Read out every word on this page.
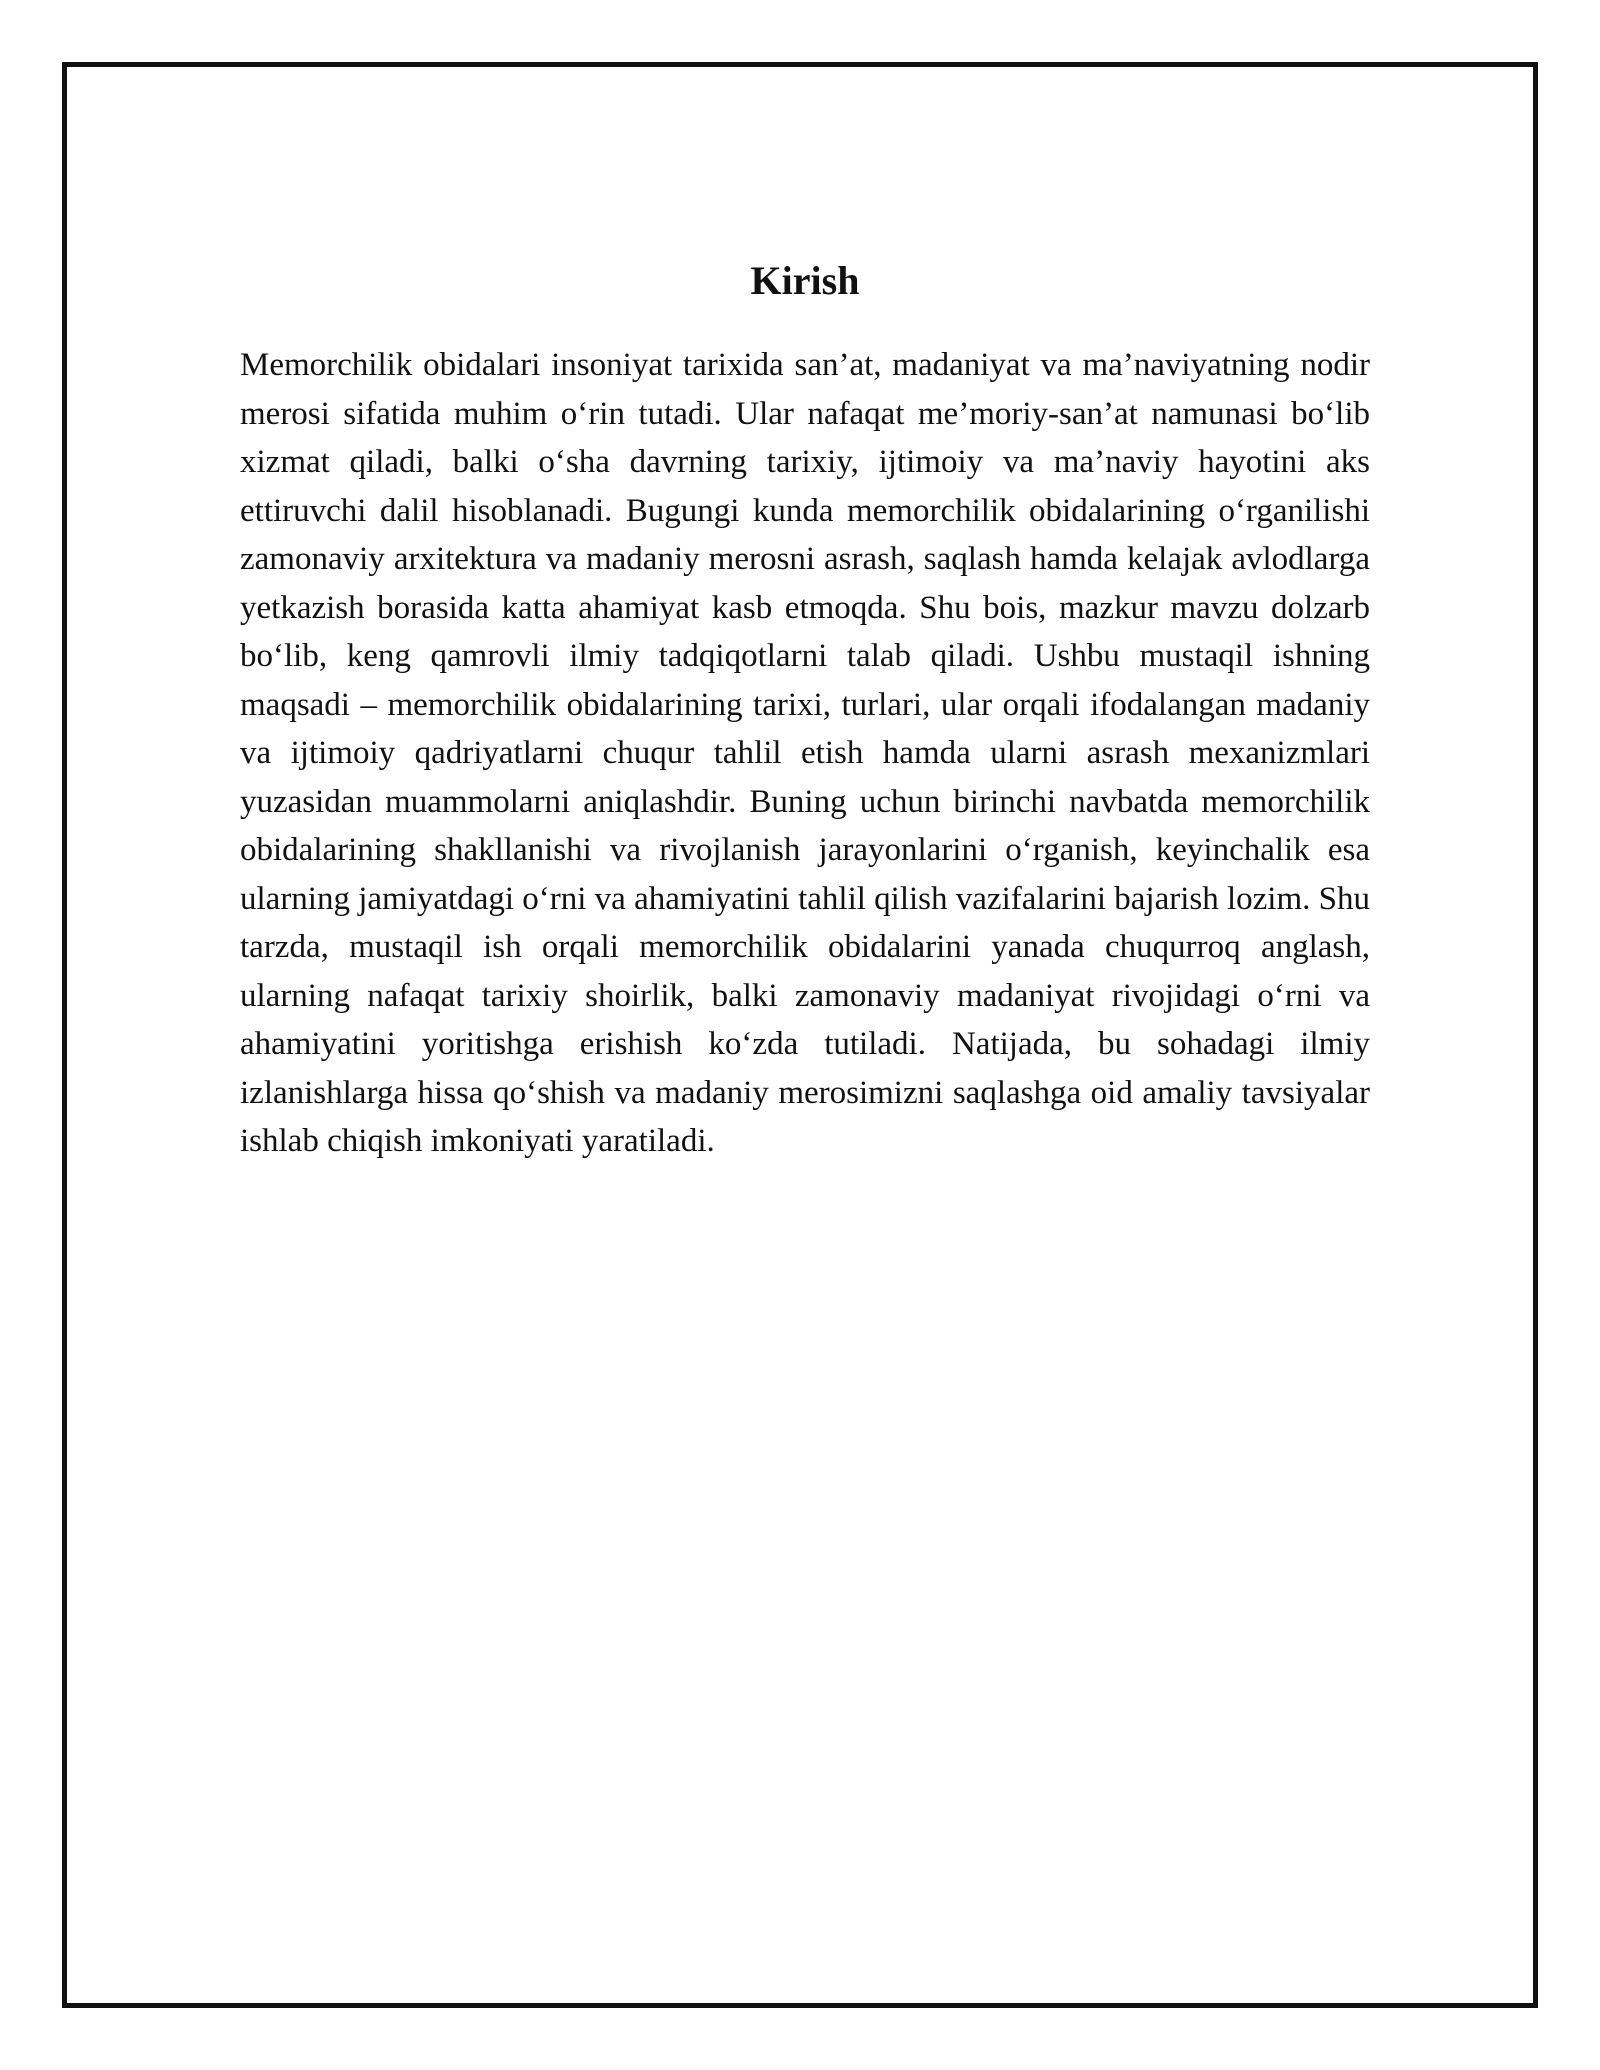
Kirish

Memorchilik obidalari insoniyat tarixida san’at, madaniyat va ma’naviyatning nodir merosi sifatida muhim o‘rin tutadi. Ular nafaqat me’moriy-san’at namunasi bo‘lib xizmat qiladi, balki o‘sha davrning tarixiy, ijtimoiy va ma’naviy hayotini aks ettiruvchi dalil hisoblanadi. Bugungi kunda memorchilik obidalarining o‘rganilishi zamonaviy arxitektura va madaniy merosni asrash, saqlash hamda kelajak avlodlarga yetkazish borasida katta ahamiyat kasb etmoqda. Shu bois, mazkur mavzu dolzarb bo‘lib, keng qamrovli ilmiy tadqiqotlarni talab qiladi. Ushbu mustaqil ishning maqsadi – memorchilik obidalarining tarixi, turlari, ular orqali ifodalangan madaniy va ijtimoiy qadriyatlarni chuqur tahlil etish hamda ularni asrash mexanizmlari yuzasidan muammolarni aniqlashdir. Buning uchun birinchi navbatda memorchilik obidalarining shakllanishi va rivojlanish jarayonlarini o‘rganish, keyinchalik esa ularning jamiyatdagi o‘rni va ahamiyatini tahlil qilish vazifalarini bajarish lozim. Shu tarzda, mustaqil ish orqali memorchilik obidalarini yanada chuqurroq anglash, ularning nafaqat tarixiy shoirlik, balki zamonaviy madaniyat rivojidagi o‘rni va ahamiyatini yoritishga erishish ko‘zda tutiladi. Natijada, bu sohadagi ilmiy izlanishlarga hissa qo‘shish va madaniy merosimizni saqlashga oid amaliy tavsiyalar ishlab chiqish imkoniyati yaratiladi.
